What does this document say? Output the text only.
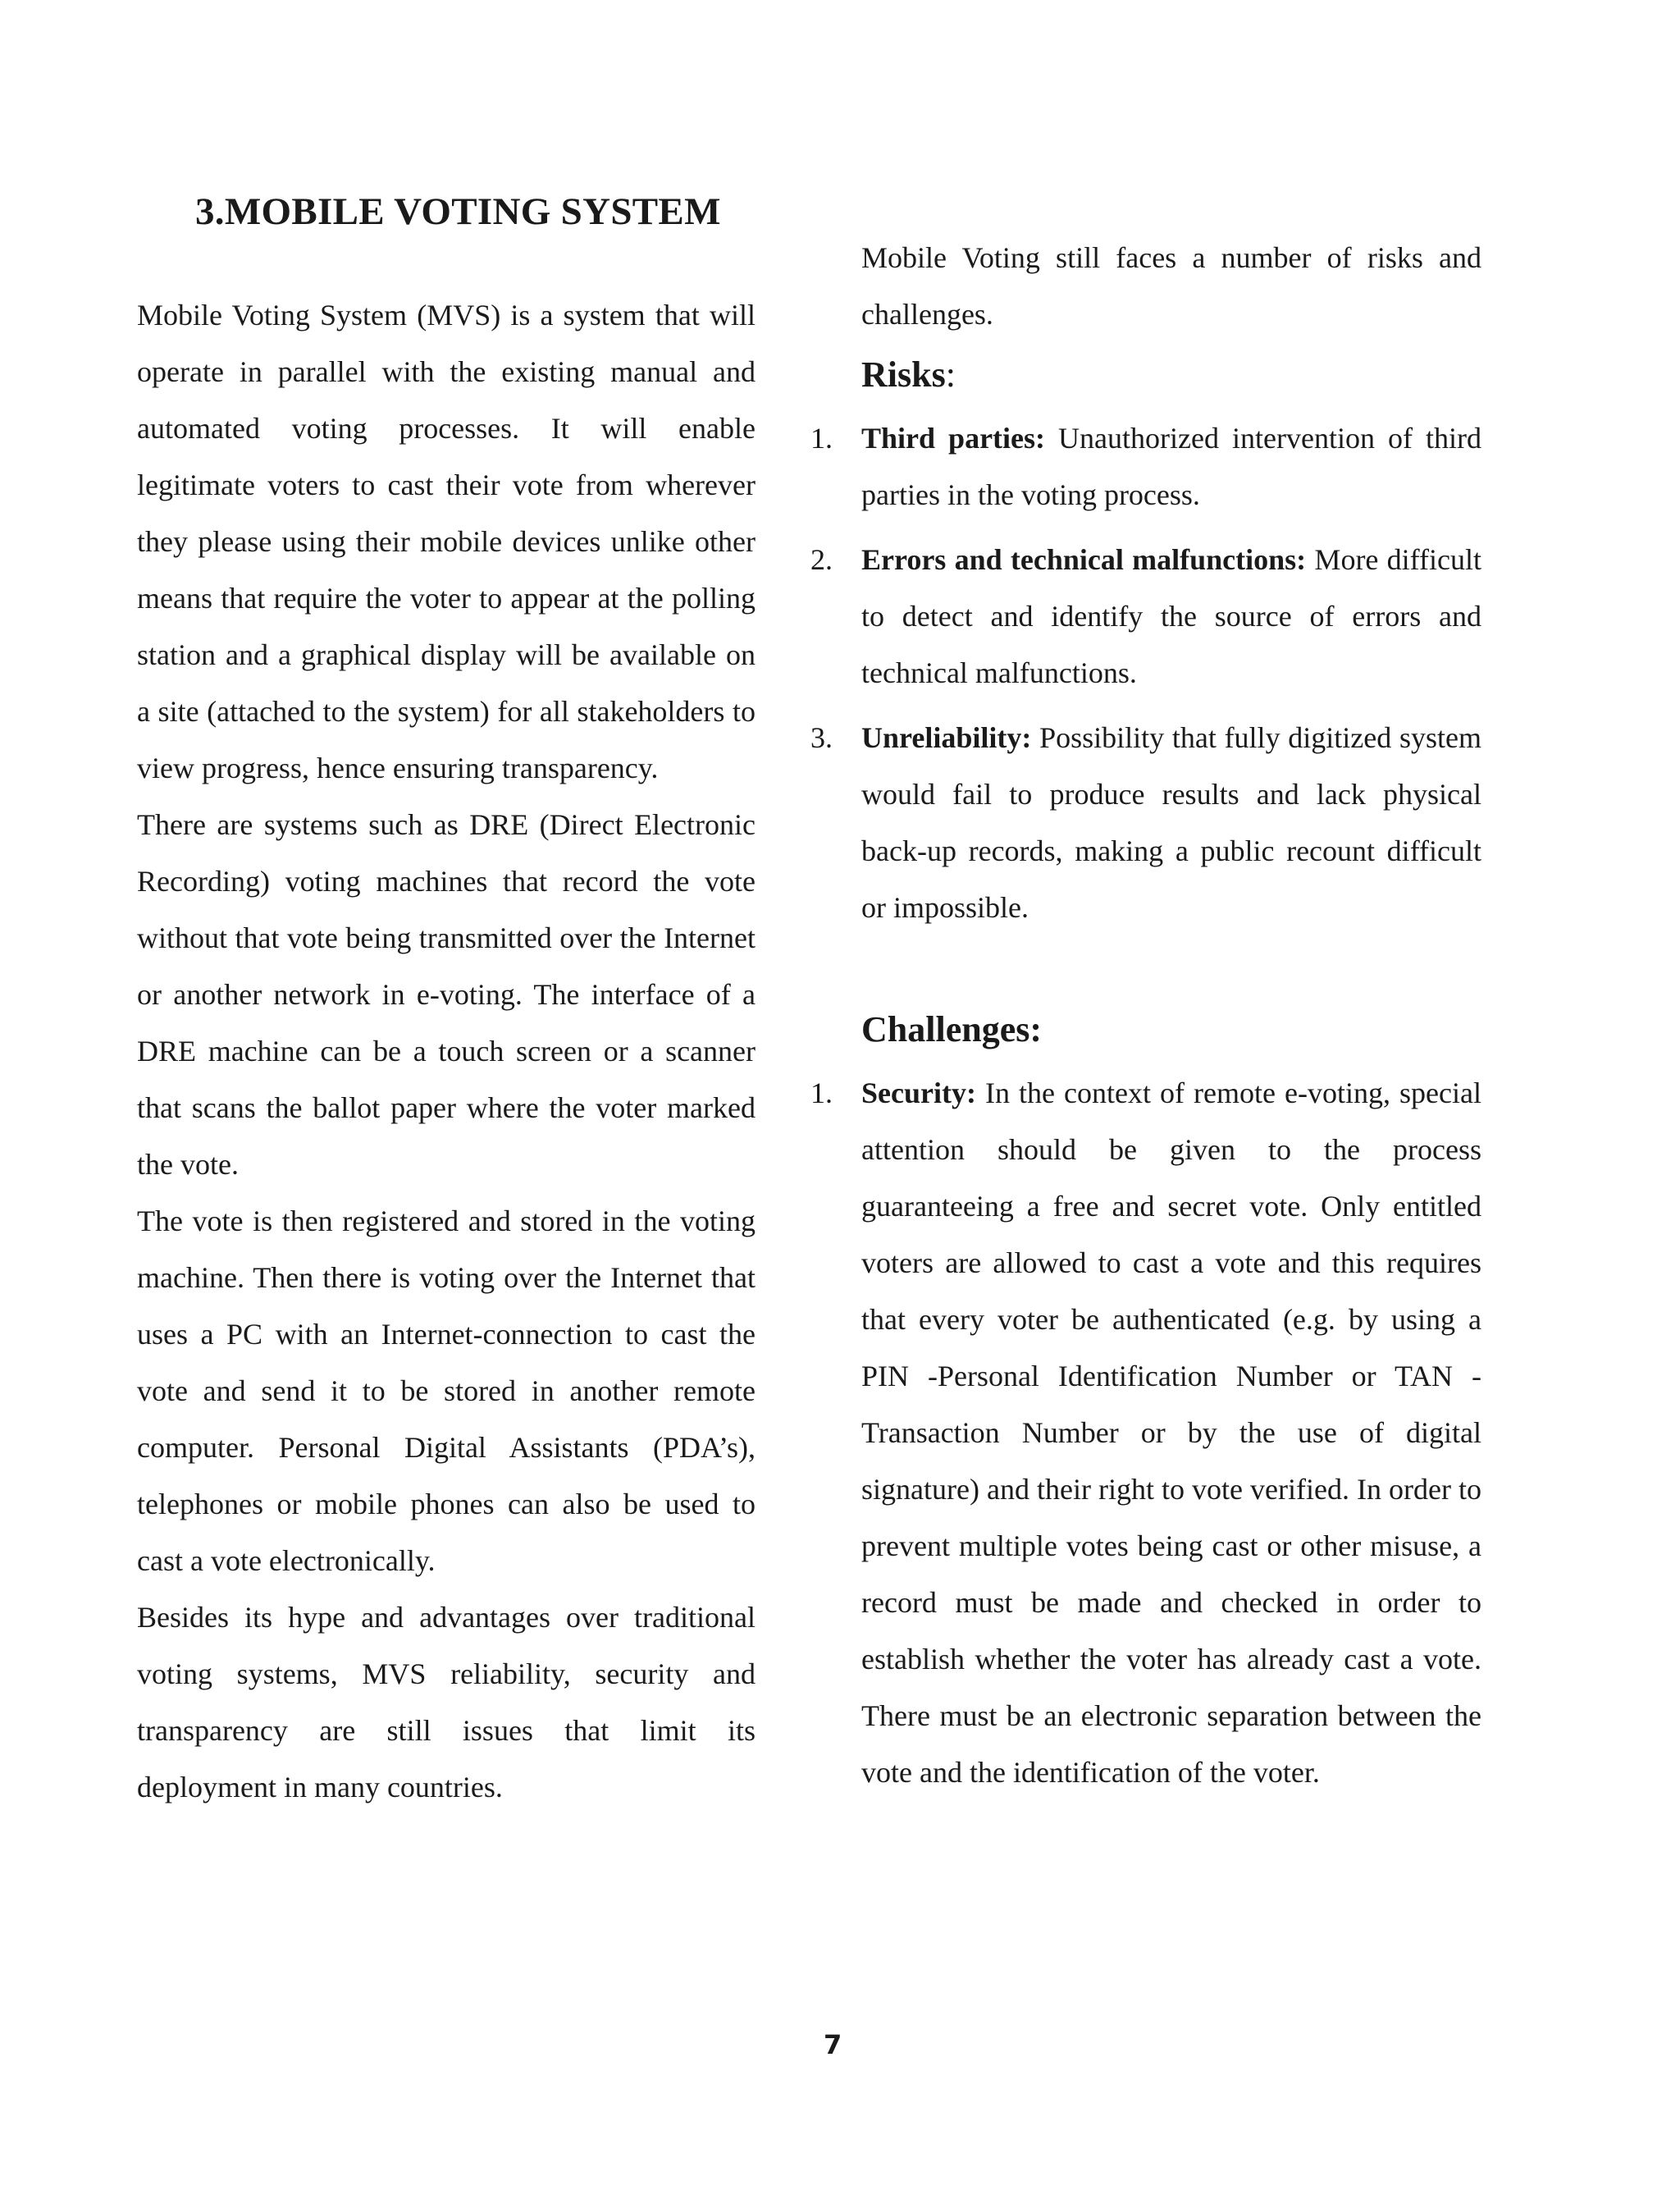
3.MOBILE VOTING SYSTEM

Mobile Voting System (MVS) is a system that will operate in parallel with the existing manual and automated voting processes. It will enable legitimate voters to cast their vote from wherever they please using their mobile devices unlike other means that require the voter to appear at the polling station and a graphical display will be available on a site (attached to the system) for all stakeholders to view progress, hence ensuring transparency.

There are systems such as DRE (Direct Electronic Recording) voting machines that record the vote without that vote being transmitted over the Internet or another network in e-voting. The interface of a DRE machine can be a touch screen or a scanner that scans the ballot paper where the voter marked the vote.

The vote is then registered and stored in the voting machine. Then there is voting over the Internet that uses a PC with an Internet-connection to cast the vote and send it to be stored in another remote computer. Personal Digital Assistants (PDA’s), telephones or mobile phones can also be used to cast a vote electronically.

Besides its hype and advantages over traditional voting systems, MVS reliability, security and transparency are still issues that limit its deployment in many countries.

Mobile Voting still faces a number of risks and challenges.

Risks:
1. Third parties: Unauthorized intervention of third parties in the voting process.
2. Errors and technical malfunctions: More difficult to detect and identify the source of errors and technical malfunctions.
3. Unreliability: Possibility that fully digitized system would fail to produce results and lack physical back-up records, making a public recount difficult or impossible.
Challenges:
1. Security: In the context of remote e-voting, special attention should be given to the process guaranteeing a free and secret vote. Only entitled voters are allowed to cast a vote and this requires that every voter be authenticated (e.g. by using a PIN -Personal Identification Number or TAN -Transaction Number or by the use of digital signature) and their right to vote verified. In order to prevent multiple votes being cast or other misuse, a record must be made and checked in order to establish whether the voter has already cast a vote. There must be an electronic separation between the vote and the identification of the voter.
7
